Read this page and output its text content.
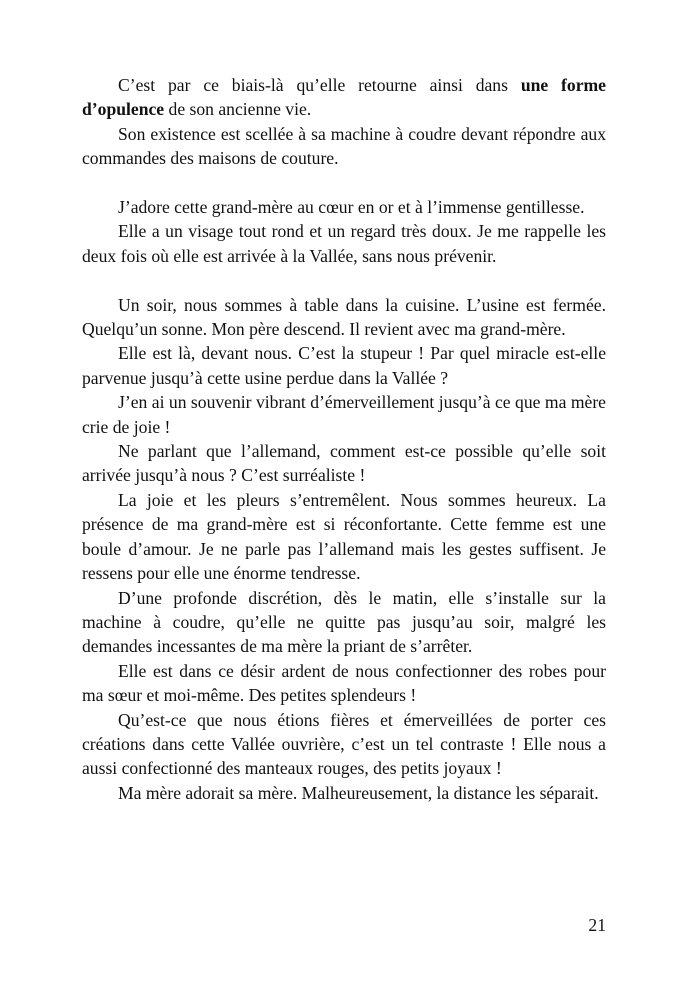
C’est par ce biais-là qu’elle retourne ainsi dans une forme d’opulence de son ancienne vie.

Son existence est scellée à sa machine à coudre devant répondre aux commandes des maisons de couture.

J’adore cette grand-mère au cœur en or et à l’immense gentillesse.

Elle a un visage tout rond et un regard très doux. Je me rappelle les deux fois où elle est arrivée à la Vallée, sans nous prévenir.

Un soir, nous sommes à table dans la cuisine. L’usine est fermée. Quelqu’un sonne. Mon père descend. Il revient avec ma grand-mère.

Elle est là, devant nous. C’est la stupeur ! Par quel miracle est-elle parvenue jusqu’à cette usine perdue dans la Vallée ?

J’en ai un souvenir vibrant d’émerveillement jusqu’à ce que ma mère crie de joie !

Ne parlant que l’allemand, comment est-ce possible qu’elle soit arrivée jusqu’à nous ? C’est surréaliste !

La joie et les pleurs s’entremêlent. Nous sommes heureux. La présence de ma grand-mère est si réconfortante. Cette femme est une boule d’amour. Je ne parle pas l’allemand mais les gestes suffisent. Je ressens pour elle une énorme tendresse.

D’une profonde discrétion, dès le matin, elle s’installe sur la machine à coudre, qu’elle ne quitte pas jusqu’au soir, malgré les demandes incessantes de ma mère la priant de s’arrêter.

Elle est dans ce désir ardent de nous confectionner des robes pour ma sœur et moi-même. Des petites splendeurs !

Qu’est-ce que nous étions fières et émerveillées de porter ces créations dans cette Vallée ouvrière, c’est un tel contraste ! Elle nous a aussi confectionné des manteaux rouges, des petits joyaux !

Ma mère adorait sa mère. Malheureusement, la distance les séparait.

21
